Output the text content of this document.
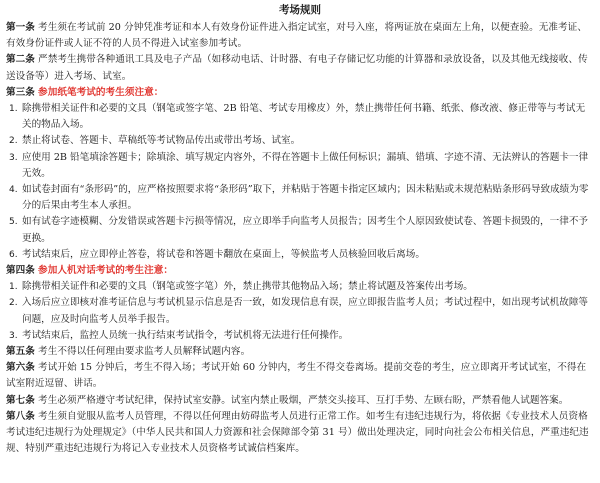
考场规则

第一条 考生须在考试前 20 分钟凭准考证和本人有效身份证件进入指定试室，对号入座，将两证放在桌面左上角，以便查验。无准考证、有效身份证件或人证不符的人员不得进入试室参加考试。

第二条 严禁考生携带各种通讯工具及电子产品（如移动电话、计时器、有电子存储记忆功能的计算器和录放设备，以及其他无线接收、传送设备等）进入考场、试室。

第三条 参加纸笔考试的考生须注意：

1. 除携带相关证件和必要的文具（钢笔或签字笔、2B 铅笔、考试专用橡皮）外，禁止携带任何书籍、纸张、修改液、修正带等与考试无关的物品入场。

2. 禁止将试卷、答题卡、草稿纸等考试物品传出或带出考场、试室。

3. 应使用 2B 铅笔填涂答题卡；除填涂、填写规定内容外，不得在答题卡上做任何标识；漏填、错填、字迹不清、无法辨认的答题卡一律无效。

4. 如试卷封面有“条形码”的，应严格按照要求将“条形码”取下，并粘贴于答题卡指定区域内；因未粘贴或未规范粘贴条形码导致成绩为零分的后果由考生本人承担。

5. 如有试卷字迹模糊、分发错误或答题卡污损等情况，应立即举手向监考人员报告；因考生个人原因致使试卷、答题卡损毁的，一律不予更换。

6. 考试结束后，应立即停止答卷，将试卷和答题卡翻放在桌面上，等候监考人员核验回收后离场。

第四条 参加人机对话考试的考生注意：

1. 除携带相关证件和必要的文具（钢笔或签字笔）外，禁止携带其他物品入场；禁止将试题及答案传出考场。

2. 入场后应立即核对准考证信息与考试机显示信息是否一致，如发现信息有误，应立即报告监考人员；考试过程中，如出现考试机故障等问题，应及时向监考人员举手报告。

3. 考试结束后，监控人员统一执行结束考试指令，考试机将无法进行任何操作。

第五条 考生不得以任何理由要求监考人员解释试题内容。

第六条 考试开始 15 分钟后，考生不得入场；考试开始 60 分钟内，考生不得交卷离场。提前交卷的考生，应立即离开考试试室，不得在试室附近逗留、讲话。

第七条 考生必须严格遵守考试纪律，保持试室安静。试室内禁止吸烟，严禁交头接耳、互打手势、左顾右盼，严禁看他人试题答案。

第八条 考生须自觉服从监考人员管理，不得以任何理由妨碍监考人员进行正常工作。如考生有违纪违规行为，将依据《专业技术人员资格考试违纪违规行为处理规定》（中华人民共和国人力资源和社会保障部令第 31 号）做出处理决定，同时向社会公布相关信息，严重违纪违规、特别严重违纪违规行为将记入专业技术人员资格考试诚信档案库。
